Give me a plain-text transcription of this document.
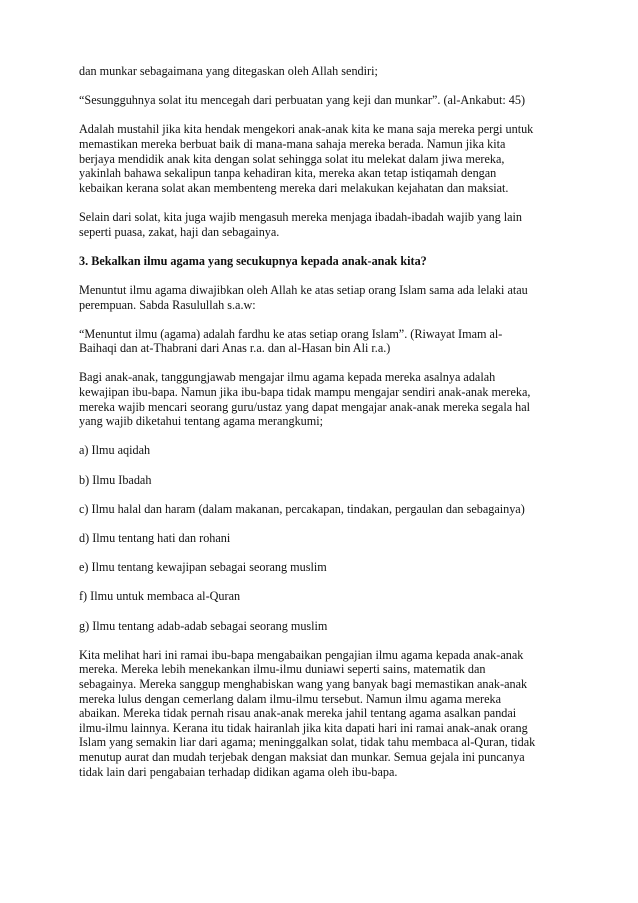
dan munkar sebagaimana yang ditegaskan oleh Allah sendiri;

“Sesungguhnya solat itu mencegah dari perbuatan yang keji dan munkar”. (al-Ankabut: 45)

Adalah mustahil jika kita hendak mengekori anak-anak kita ke mana saja mereka pergi untuk
memastikan mereka berbuat baik di mana-mana sahaja mereka berada. Namun jika kita
berjaya mendidik anak kita dengan solat sehingga solat itu melekat dalam jiwa mereka,
yakinlah bahawa sekalipun tanpa kehadiran kita, mereka akan tetap istiqamah dengan
kebaikan kerana solat akan membenteng mereka dari melakukan kejahatan dan maksiat.

Selain dari solat, kita juga wajib mengasuh mereka menjaga ibadah-ibadah wajib yang lain
seperti puasa, zakat, haji dan sebagainya.

3. Bekalkan ilmu agama yang secukupnya kepada anak-anak kita?

Menuntut ilmu agama diwajibkan oleh Allah ke atas setiap orang Islam sama ada lelaki atau
perempuan. Sabda Rasulullah s.a.w:

“Menuntut ilmu (agama) adalah fardhu ke atas setiap orang Islam”. (Riwayat Imam al-
Baihaqi dan at-Thabrani dari Anas r.a. dan al-Hasan bin Ali r.a.)

Bagi anak-anak, tanggungjawab mengajar ilmu agama kepada mereka asalnya adalah
kewajipan ibu-bapa. Namun jika ibu-bapa tidak mampu mengajar sendiri anak-anak mereka,
mereka wajib mencari seorang guru/ustaz yang dapat mengajar anak-anak mereka segala hal
yang wajib diketahui tentang agama merangkumi;

a) Ilmu aqidah

b) Ilmu Ibadah

c) Ilmu halal dan haram (dalam makanan, percakapan, tindakan, pergaulan dan sebagainya)

d) Ilmu tentang hati dan rohani

e) Ilmu tentang kewajipan sebagai seorang muslim

f) Ilmu untuk membaca al-Quran

g) Ilmu tentang adab-adab sebagai seorang muslim

Kita melihat hari ini ramai ibu-bapa mengabaikan pengajian ilmu agama kepada anak-anak
mereka. Mereka lebih menekankan ilmu-ilmu duniawi seperti sains, matematik dan
sebagainya. Mereka sanggup menghabiskan wang yang banyak bagi memastikan anak-anak
mereka lulus dengan cemerlang dalam ilmu-ilmu tersebut. Namun ilmu agama mereka
abaikan. Mereka tidak pernah risau anak-anak mereka jahil tentang agama asalkan pandai
ilmu-ilmu lainnya. Kerana itu tidak hairanlah jika kita dapati hari ini ramai anak-anak orang
Islam yang semakin liar dari agama; meninggalkan solat, tidak tahu membaca al-Quran, tidak
menutup aurat dan mudah terjebak dengan maksiat dan munkar. Semua gejala ini puncanya
tidak lain dari pengabaian terhadap didikan agama oleh ibu-bapa.
